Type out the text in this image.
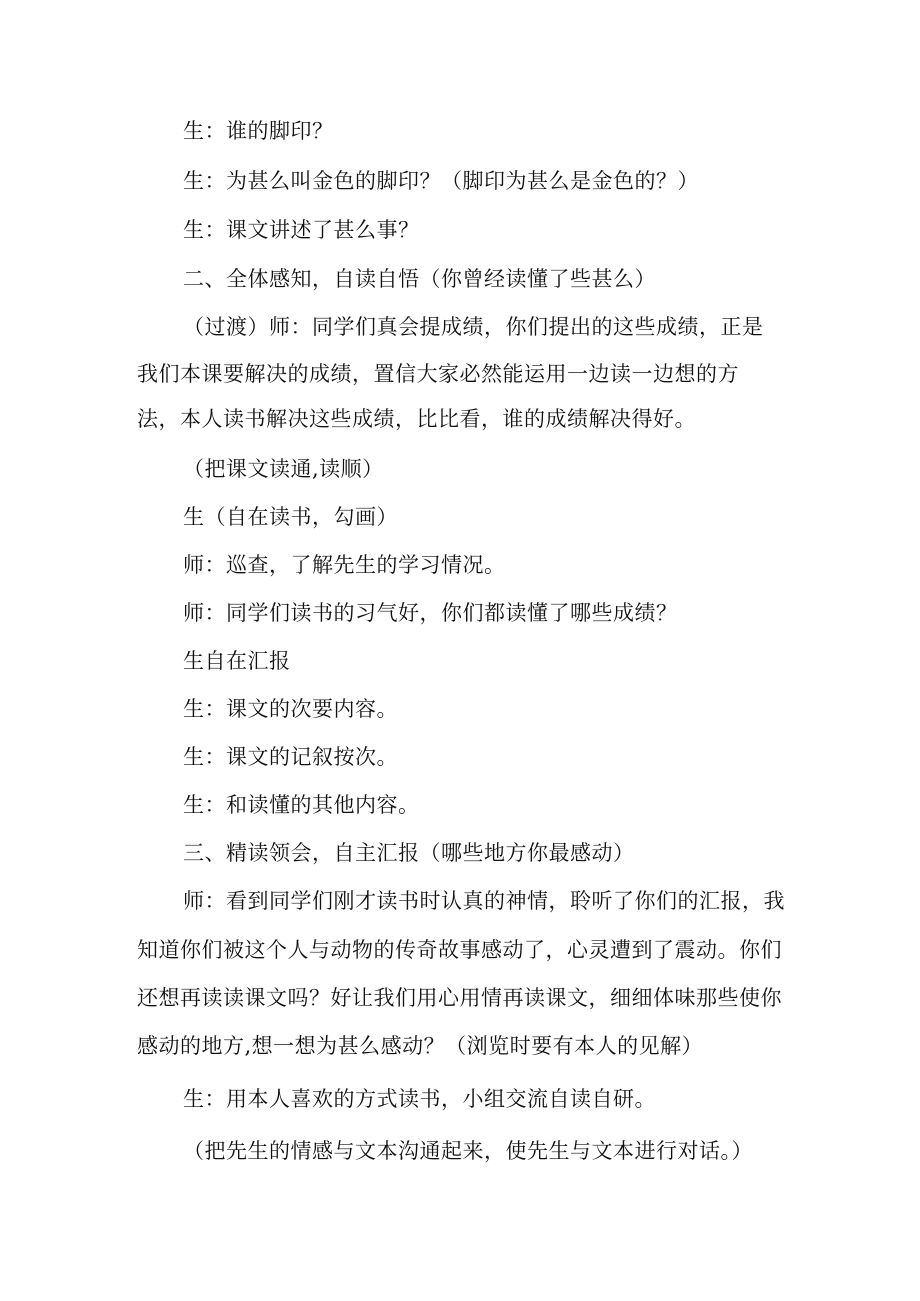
生：谁的脚印？
生：为甚么叫金色的脚印？（脚印为甚么是金色的？）
生：课文讲述了甚么事？
二、全体感知，自读自悟（你曾经读懂了些甚么）
（过渡）师：同学们真会提成绩，你们提出的这些成绩，正是
我们本课要解决的成绩，置信大家必然能运用一边读一边想的方
法，本人读书解决这些成绩，比比看，谁的成绩解决得好。
（把课文读通,读顺）
生（自在读书，勾画）
师：巡查，了解先生的学习情况。
师：同学们读书的习气好，你们都读懂了哪些成绩？
生自在汇报
生：课文的次要内容。
生：课文的记叙按次。
生：和读懂的其他内容。
三、精读领会，自主汇报（哪些地方你最感动）
师：看到同学们刚才读书时认真的神情，聆听了你们的汇报，我
知道你们被这个人与动物的传奇故事感动了，心灵遭到了震动。你们
还想再读读课文吗？好让我们用心用情再读课文，细细体味那些使你
感动的地方,想一想为甚么感动？（浏览时要有本人的见解）
生：用本人喜欢的方式读书，小组交流自读自研。
（把先生的情感与文本沟通起来，使先生与文本进行对话。）
